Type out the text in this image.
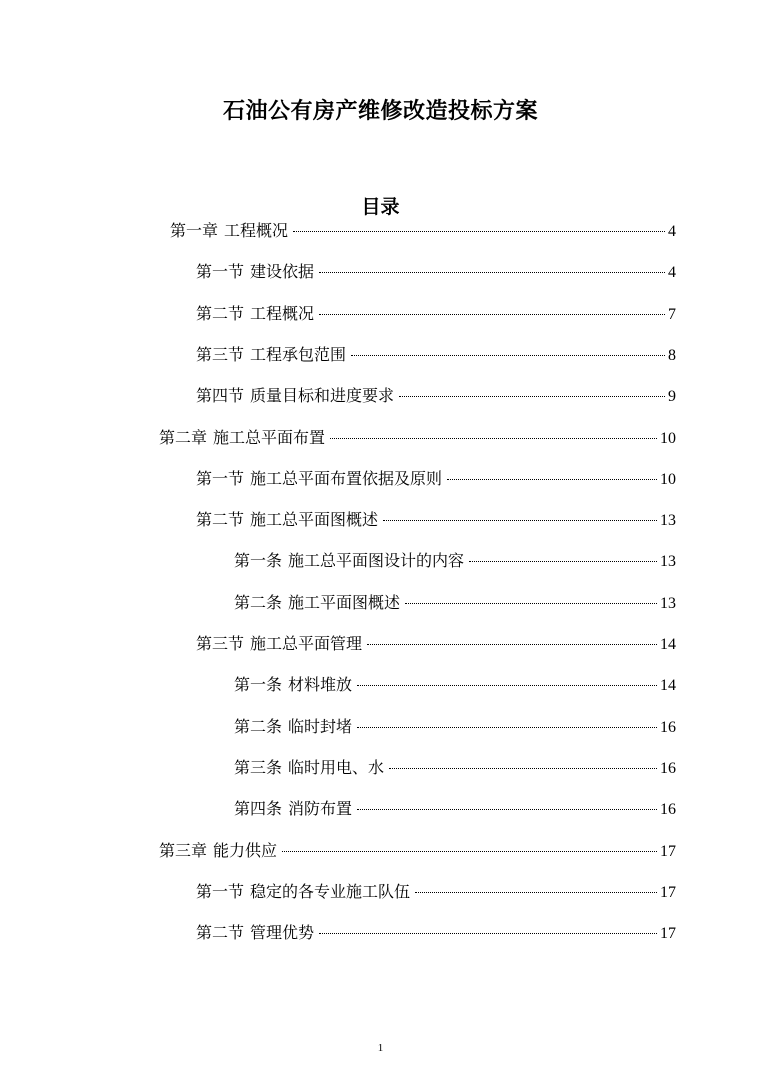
石油公有房产维修改造投标方案
目录
第一章 工程概况	4
第一节 建设依据	4
第二节 工程概况	7
第三节 工程承包范围	8
第四节 质量目标和进度要求	9
第二章 施工总平面布置	10
第一节 施工总平面布置依据及原则	10
第二节 施工总平面图概述	13
第一条 施工总平面图设计的内容	13
第二条 施工平面图概述	13
第三节 施工总平面管理	14
第一条 材料堆放	14
第二条 临时封堵	16
第三条 临时用电、水	16
第四条 消防布置	16
第三章 能力供应	17
第一节 稳定的各专业施工队伍	17
第二节 管理优势	17
1
